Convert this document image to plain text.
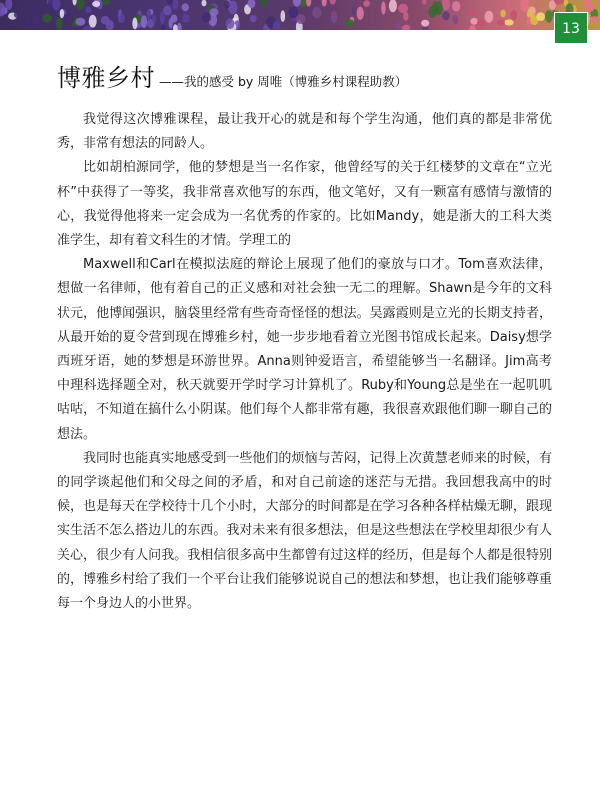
13
博雅乡村 ——我的感受 by 周唯（博雅乡村课程助教）

我觉得这次博雅课程，最让我开心的就是和每个学生沟通，他们真的都是非常优秀，非常有想法的同龄人。

比如胡柏源同学，他的梦想是当一名作家，他曾经写的关于红楼梦的文章在“立光杯”中获得了一等奖，我非常喜欢他写的东西，他文笔好，又有一颗富有感情与激情的心，我觉得他将来一定会成为一名优秀的作家的。比如Mandy，她是浙大的工科大类准学生，却有着文科生的才情。学理工的

Maxwell和Carl在模拟法庭的辩论上展现了他们的豪放与口才。Tom喜欢法律，想做一名律师，他有着自己的正义感和对社会独一无二的理解。Shawn是今年的文科状元，他博闻强识，脑袋里经常有些奇奇怪怪的想法。吴露霞则是立光的长期支持者，从最开始的夏令营到现在博雅乡村，她一步步地看着立光图书馆成长起来。Daisy想学西班牙语，她的梦想是环游世界。Anna则钟爱语言，希望能够当一名翻译。Jim高考中理科选择题全对，秋天就要开学时学习计算机了。Ruby和Young总是坐在一起叽叽咕咕，不知道在搞什么小阴谋。他们每个人都非常有趣，我很喜欢跟他们聊一聊自己的想法。

我同时也能真实地感受到一些他们的烦恼与苦闷，记得上次黄慧老师来的时候，有的同学谈起他们和父母之间的矛盾，和对自己前途的迷茫与无措。我回想我高中的时候，也是每天在学校待十几个小时，大部分的时间都是在学习各种各样枯燥无聊，跟现实生活不怎么搭边儿的东西。我对未来有很多想法，但是这些想法在学校里却很少有人关心，很少有人问我。我相信很多高中生都曾有过这样的经历，但是每个人都是很特别的，博雅乡村给了我们一个平台让我们能够说说自己的想法和梦想，也让我们能够尊重每一个身边人的小世界。
